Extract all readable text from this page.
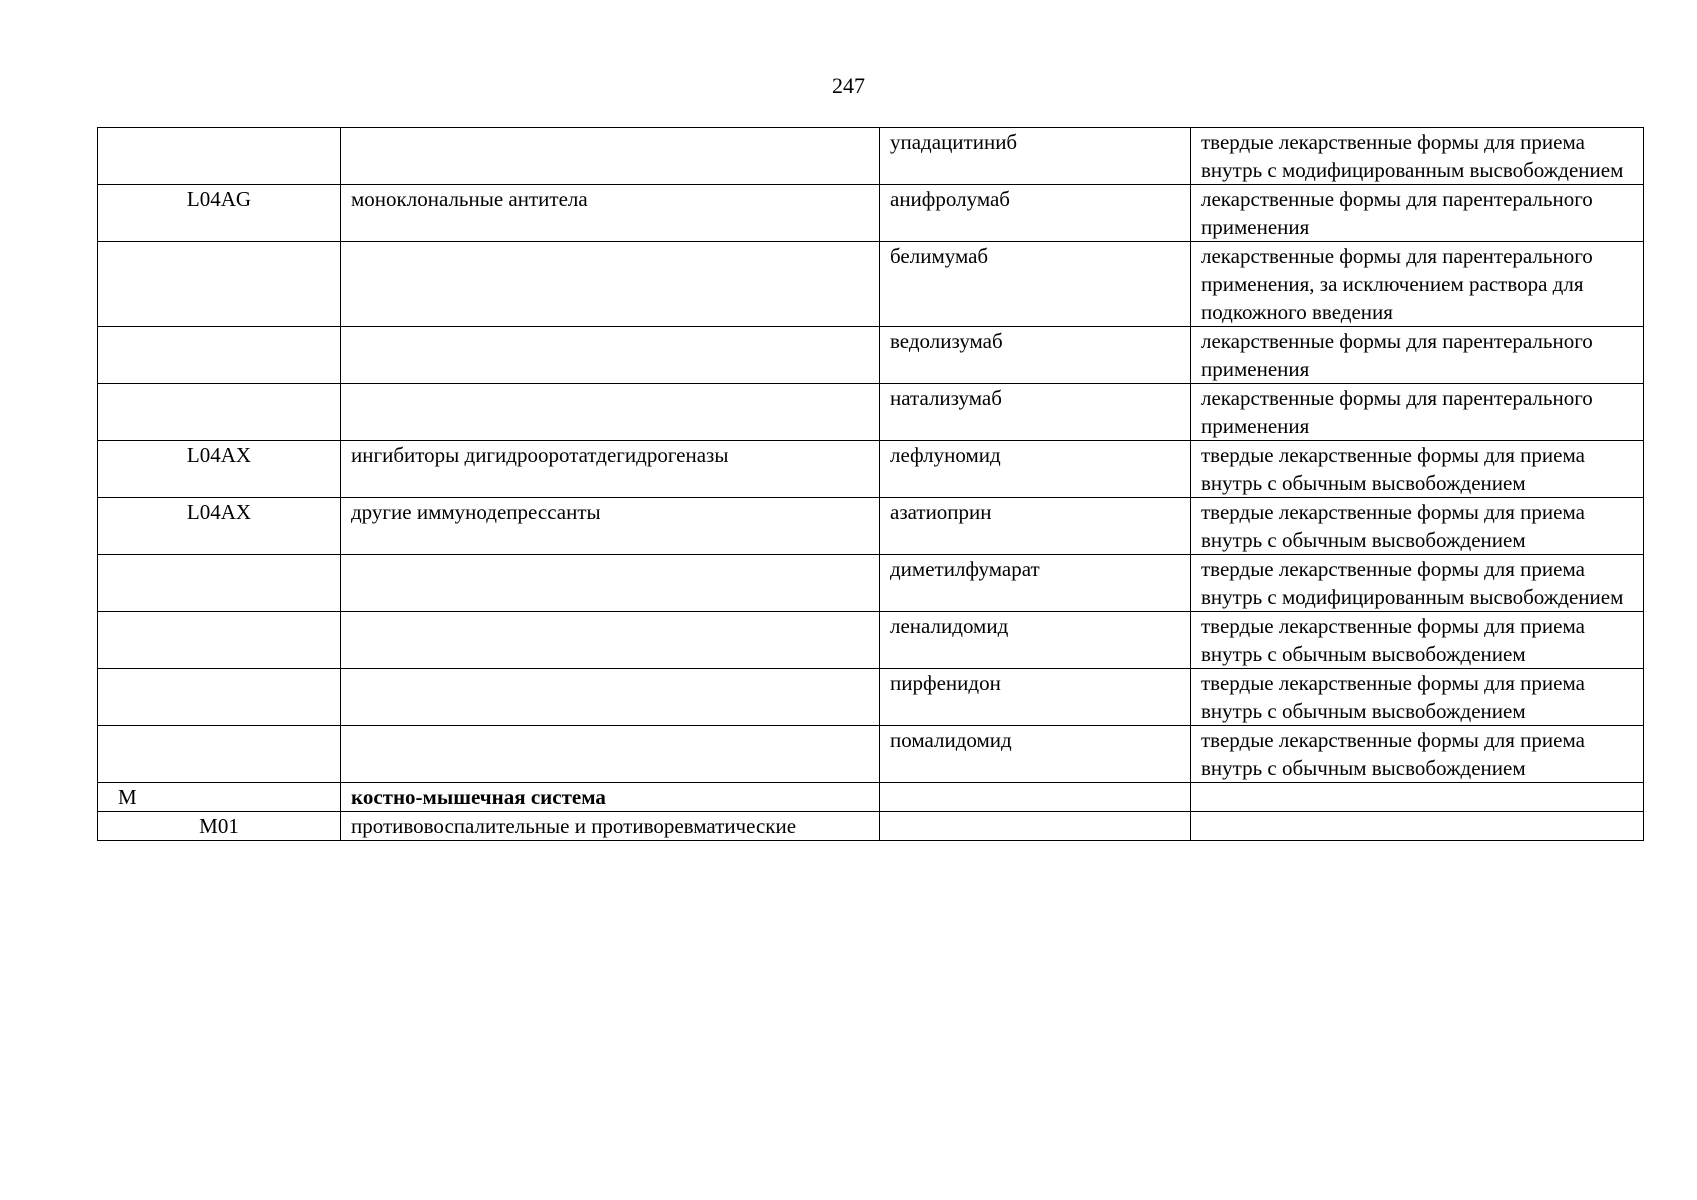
247
		упадацитиниб	твердые лекарственные формы для приема внутрь с модифицированным высвобождением
L04AG	моноклональные антитела	анифролумаб	лекарственные формы для парентерального применения
		белимумаб	лекарственные формы для парентерального применения, за исключением раствора для подкожного введения
		ведолизумаб	лекарственные формы для парентерального применения
		натализумаб	лекарственные формы для парентерального применения
L04AX	ингибиторы дигидрооротатдегидрогеназы	лефлуномид	твердые лекарственные формы для приема внутрь с обычным высвобождением
L04AX	другие иммунодепрессанты	азатиоприн	твердые лекарственные формы для приема внутрь с обычным высвобождением
		диметилфумарат	твердые лекарственные формы для приема внутрь с модифицированным высвобождением
		леналидомид	твердые лекарственные формы для приема внутрь с обычным высвобождением
		пирфенидон	твердые лекарственные формы для приема внутрь с обычным высвобождением
		помалидомид	твердые лекарственные формы для приема внутрь с обычным высвобождением
M	костно-мышечная система		
M01	противовоспалительные и противоревматические		
